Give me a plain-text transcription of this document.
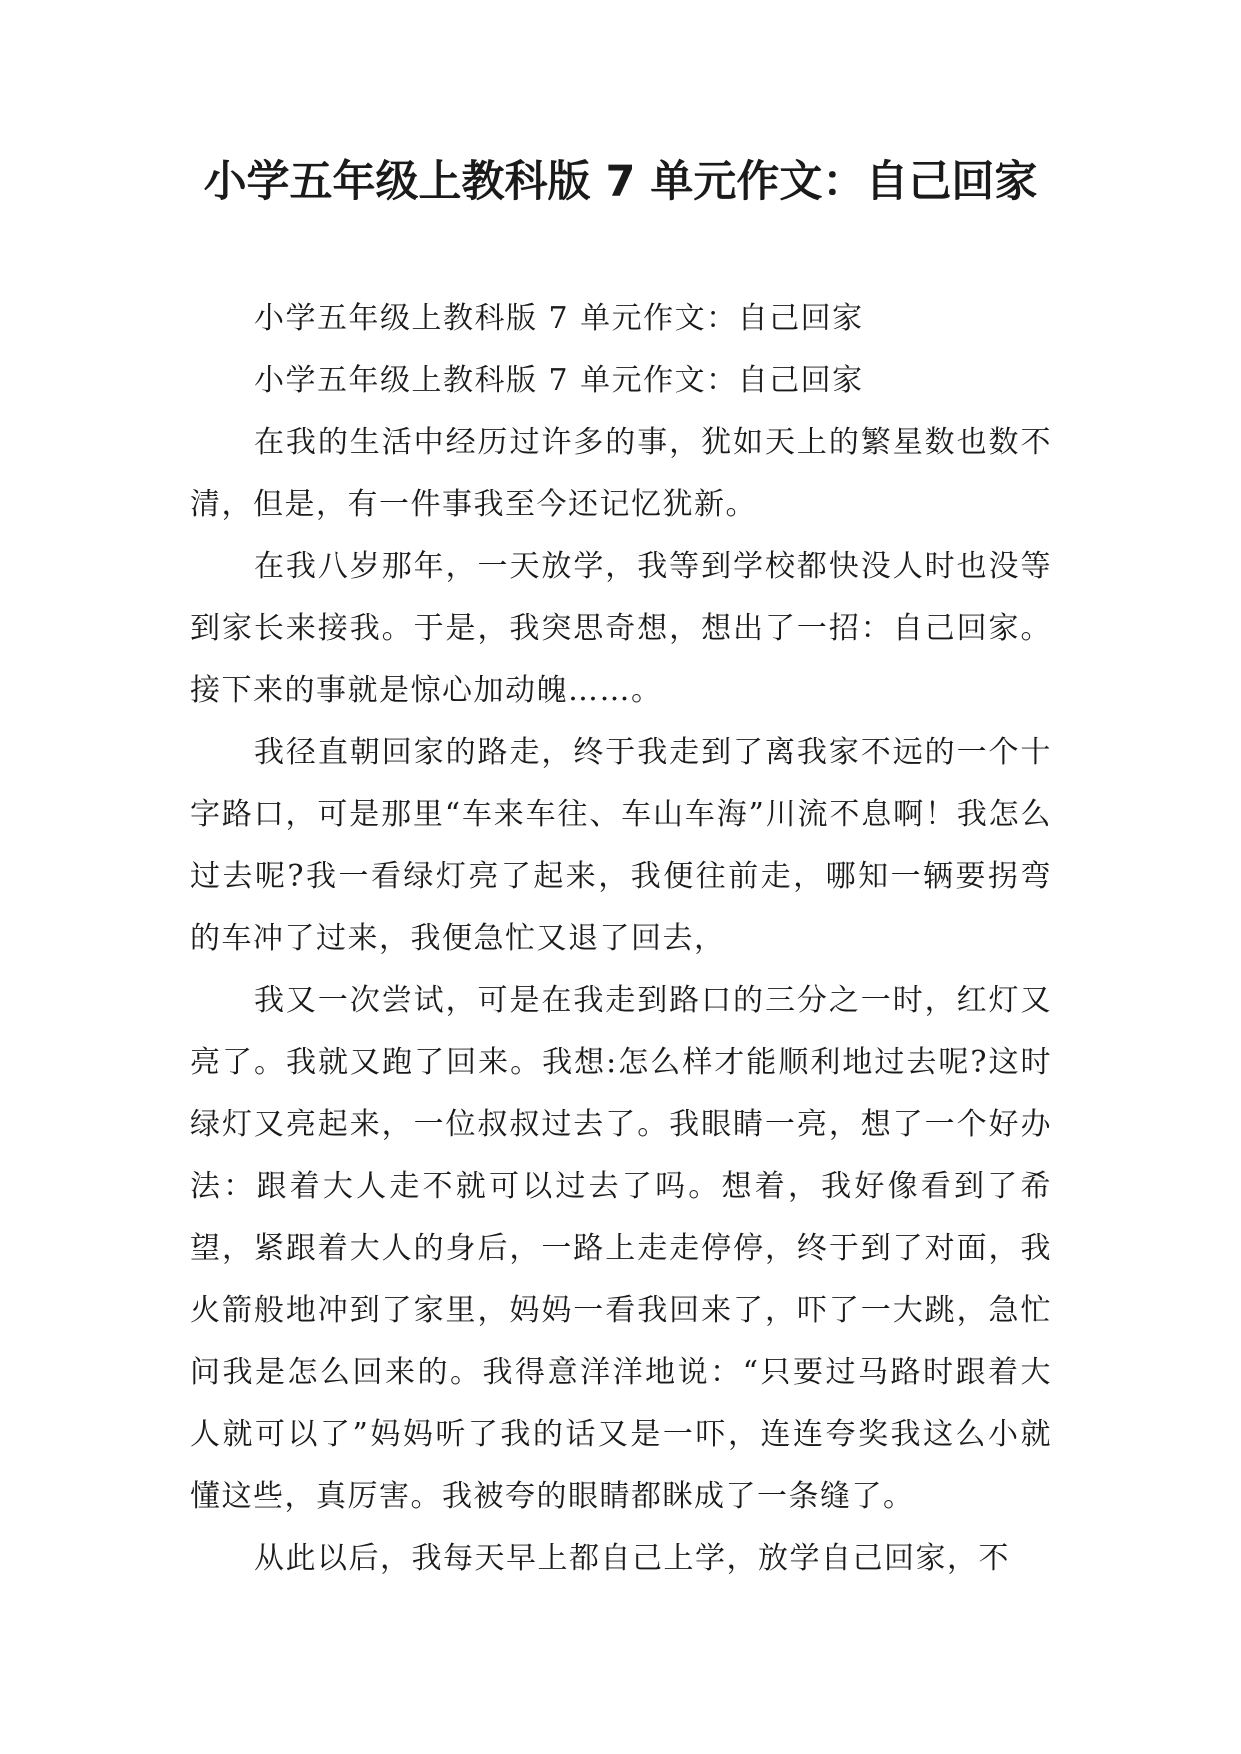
小学五年级上教科版 7 单元作文：自己回家

小学五年级上教科版 7 单元作文：自己回家

小学五年级上教科版 7 单元作文：自己回家

在我的生活中经历过许多的事，犹如天上的繁星数也数不清，但是，有一件事我至今还记忆犹新。

在我八岁那年，一天放学，我等到学校都快没人时也没等到家长来接我。于是，我突思奇想，想出了一招：自己回家。接下来的事就是惊心加动魄……。

我径直朝回家的路走，终于我走到了离我家不远的一个十字路口，可是那里“车来车往、车山车海”川流不息啊！我怎么过去呢?我一看绿灯亮了起来，我便往前走，哪知一辆要拐弯的车冲了过来，我便急忙又退了回去，

我又一次尝试，可是在我走到路口的三分之一时，红灯又亮了。我就又跑了回来。我想:怎么样才能顺利地过去呢?这时绿灯又亮起来，一位叔叔过去了。我眼睛一亮，想了一个好办法：跟着大人走不就可以过去了吗。想着，我好像看到了希望，紧跟着大人的身后，一路上走走停停，终于到了对面，我火箭般地冲到了家里，妈妈一看我回来了，吓了一大跳，急忙问我是怎么回来的。我得意洋洋地说：“只要过马路时跟着大人就可以了”妈妈听了我的话又是一吓，连连夸奖我这么小就懂这些，真厉害。我被夸的眼睛都眯成了一条缝了。

从此以后，我每天早上都自己上学，放学自己回家，不
